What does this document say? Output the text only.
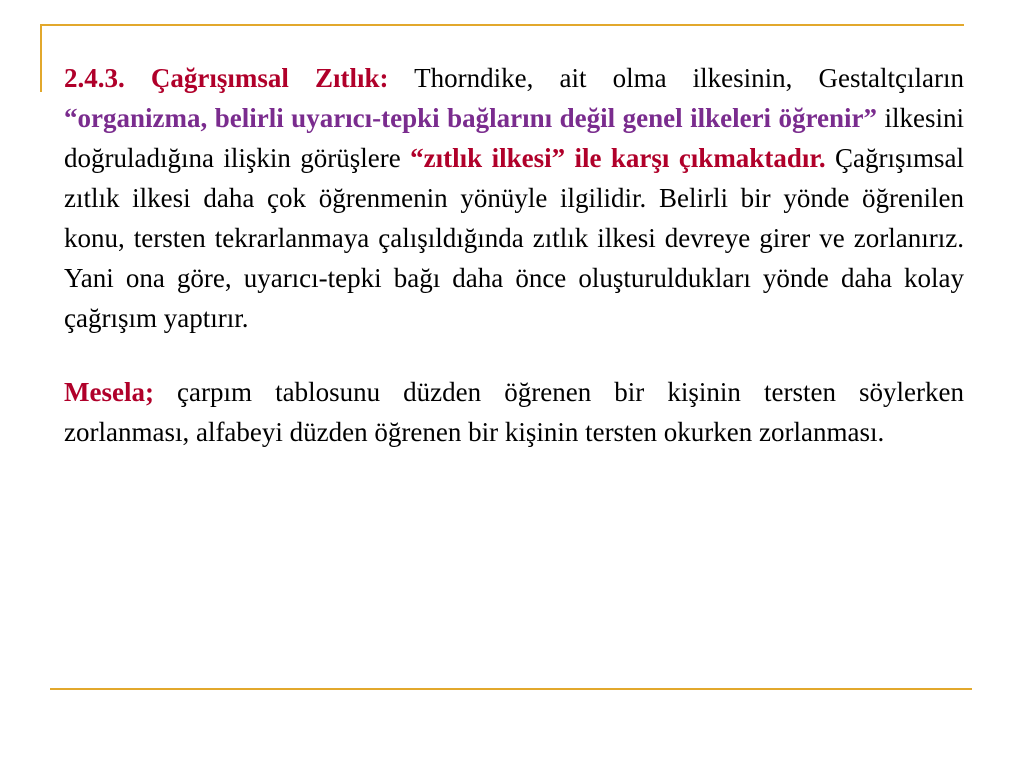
2.4.3. Çağrışımsal Zıtlık: Thorndike, ait olma ilkesinin, Gestaltçıların “organizma, belirli uyarıcı-tepki bağlarını değil genel ilkeleri öğrenir” ilkesini doğruladığına ilişkin görüşlere “zıtlık ilkesi” ile karşı çıkmaktadır. Çağrışımsal zıtlık ilkesi daha çok öğrenmenin yönüyle ilgilidir. Belirli bir yönde öğrenilen konu, tersten tekrarlanmaya çalışıldığında zıtlık ilkesi devreye girer ve zorlanırız. Yani ona göre, uyarıcı-tepki bağı daha önce oluşturuldukları yönde daha kolay çağrışım yaptırır.

Mesela; çarpım tablosunu düzden öğrenen bir kişinin tersten söylerken zorlanması, alfabeyi düzden öğrenen bir kişinin tersten okurken zorlanması.
